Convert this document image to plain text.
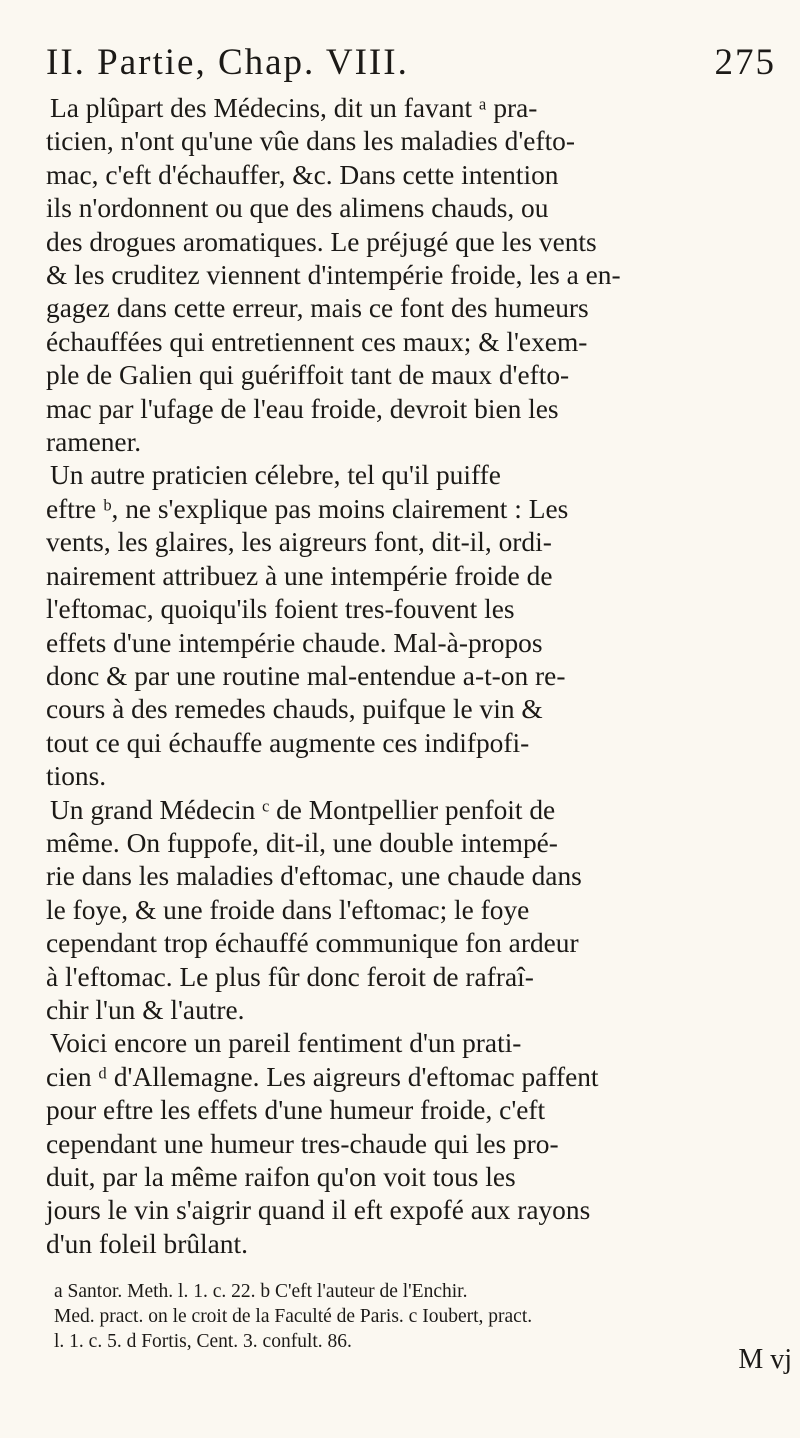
II. Partie, Chap. VIII.	275
La plûpart des Médecins, dit un favant ᵃ pra-
ticien, n'ont qu'une vûe dans les maladies d'efto-
mac, c'eft d'échauffer, &c. Dans cette intention
ils n'ordonnent ou que des alimens chauds, ou
des drogues aromatiques. Le préjugé que les vents
& les cruditez viennent d'intempérie froide, les a en-
gagez dans cette erreur, mais ce font des humeurs
échauffées qui entretiennent ces maux; & l'exem-
ple de Galien qui guériffoit tant de maux d'efto-
mac par l'ufage de l'eau froide, devroit bien les
ramener.
Un autre praticien célebre, tel qu'il puiffe
eftre ᵇ, ne s'explique pas moins clairement : Les
vents, les glaires, les aigreurs font, dit-il, ordi-
nairement attribuez à une intempérie froide de
l'eftomac, quoiqu'ils foient tres-fouvent les
effets d'une intempérie chaude. Mal-à-propos
donc & par une routine mal-entendue a-t-on re-
cours à des remedes chauds, puifque le vin &
tout ce qui échauffe augmente ces indifpofi-
tions.
Un grand Médecin ᶜ de Montpellier penfoit de
même. On fuppofe, dit-il, une double intempé-
rie dans les maladies d'eftomac, une chaude dans
le foye, & une froide dans l'eftomac; le foye
cependant trop échauffé communique fon ardeur
à l'eftomac. Le plus fûr donc feroit de rafraî-
chir l'un & l'autre.
Voici encore un pareil fentiment d'un prati-
cien ᵈ d'Allemagne. Les aigreurs d'eftomac paffent
pour eftre les effets d'une humeur froide, c'eft
cependant une humeur tres-chaude qui les pro-
duit, par la même raifon qu'on voit tous les
jours le vin s'aigrir quand il eft expofé aux rayons
d'un foleil brûlant.
a Santor. Meth. l. 1. c. 22. b C'eft l'auteur de l'Enchir.
Med. pract. on le croit de la Faculté de Paris. c Ioubert, pract.
l. 1. c. 5. d Fortis, Cent. 3. confult. 86.
M vj
